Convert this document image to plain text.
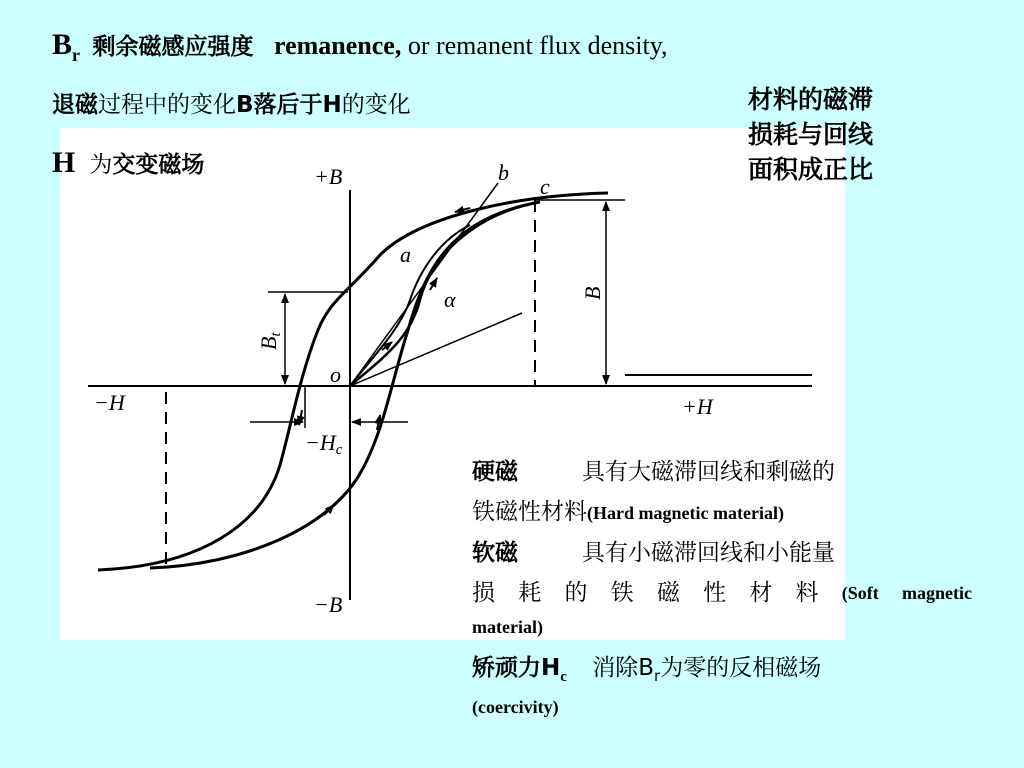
+B
−B
+H
−H
−Hc
o
a
b
c
α	B
Bt
$B_r$ 剩余磁感应强度 remanence, or remanent flux density,
退磁过程中的变化B落后于H的变化
H 为交变磁场
材料的磁滞
损耗与回线
面积成正比
硬磁	具有大磁滞回线和剩磁的
铁磁性材料(Hard magnetic material)
软磁	具有小磁滞回线和小能量
损 耗 的 铁 磁 性 材 料 (Soft magnetic
material)
矫顽力$H_c$ 消除$B_r$为零的反相磁场
(coercivity)
